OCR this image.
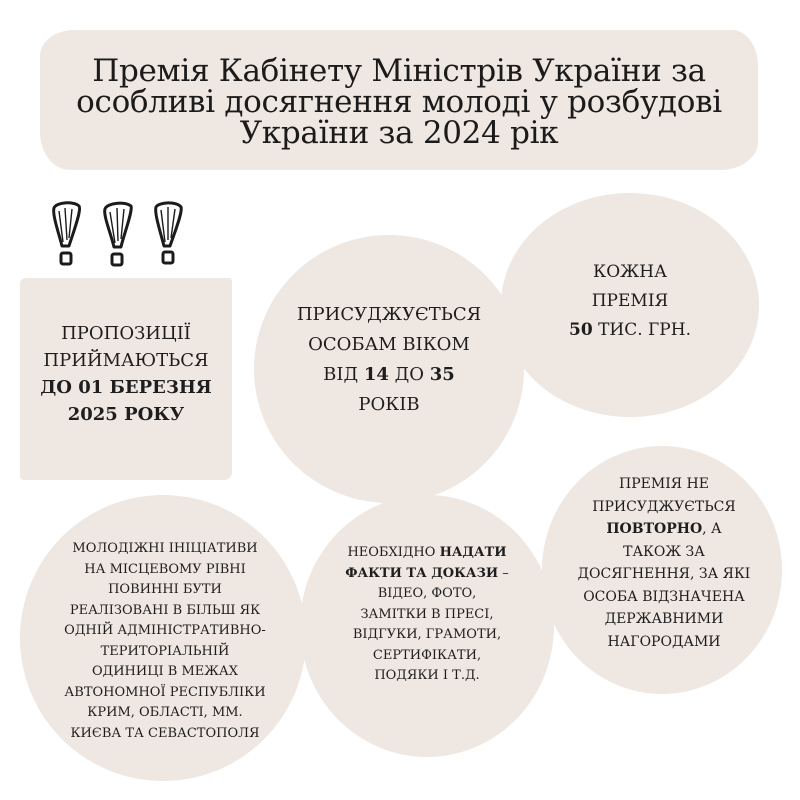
Премія Кабінету Міністрів України за
особливі досягнення молоді у розбудові
України за 2024 рік
ПРОПОЗИЦІЇ
ПРИЙМАЮТЬСЯ
ДО 01 БЕРЕЗНЯ
2025 РОКУ
ПРИСУДЖУЄТЬСЯ
ОСОБАМ ВІКОМ
ВІД 14 ДО 35
РОКІВ
КОЖНА
ПРЕМІЯ
50 ТИС. ГРН.
МОЛОДІЖНІ ІНІЦІАТИВИ
НА МІСЦЕВОМУ РІВНІ
ПОВИННІ БУТИ
РЕАЛІЗОВАНІ В БІЛЬШ ЯК
ОДНІЙ АДМІНІСТРАТИВНО-
ТЕРИТОРІАЛЬНІЙ
ОДИНИЦІ В МЕЖАХ
АВТОНОМНОЇ РЕСПУБЛІКИ
КРИМ, ОБЛАСТІ, ММ.
КИЄВА ТА СЕВАСТОПОЛЯ
НЕОБХІДНО НАДАТИ
ФАКТИ ТА ДОКАЗИ –
ВІДЕО, ФОТО,
ЗАМІТКИ В ПРЕСІ,
ВІДГУКИ, ГРАМОТИ,
СЕРТИФІКАТИ,
ПОДЯКИ І Т.Д.
ПРЕМІЯ НЕ
ПРИСУДЖУЄТЬСЯ
ПОВТОРНО, А
ТАКОЖ ЗА
ДОСЯГНЕННЯ, ЗА ЯКІ
ОСОБА ВІДЗНАЧЕНА
ДЕРЖАВНИМИ
НАГОРОДАМИ
